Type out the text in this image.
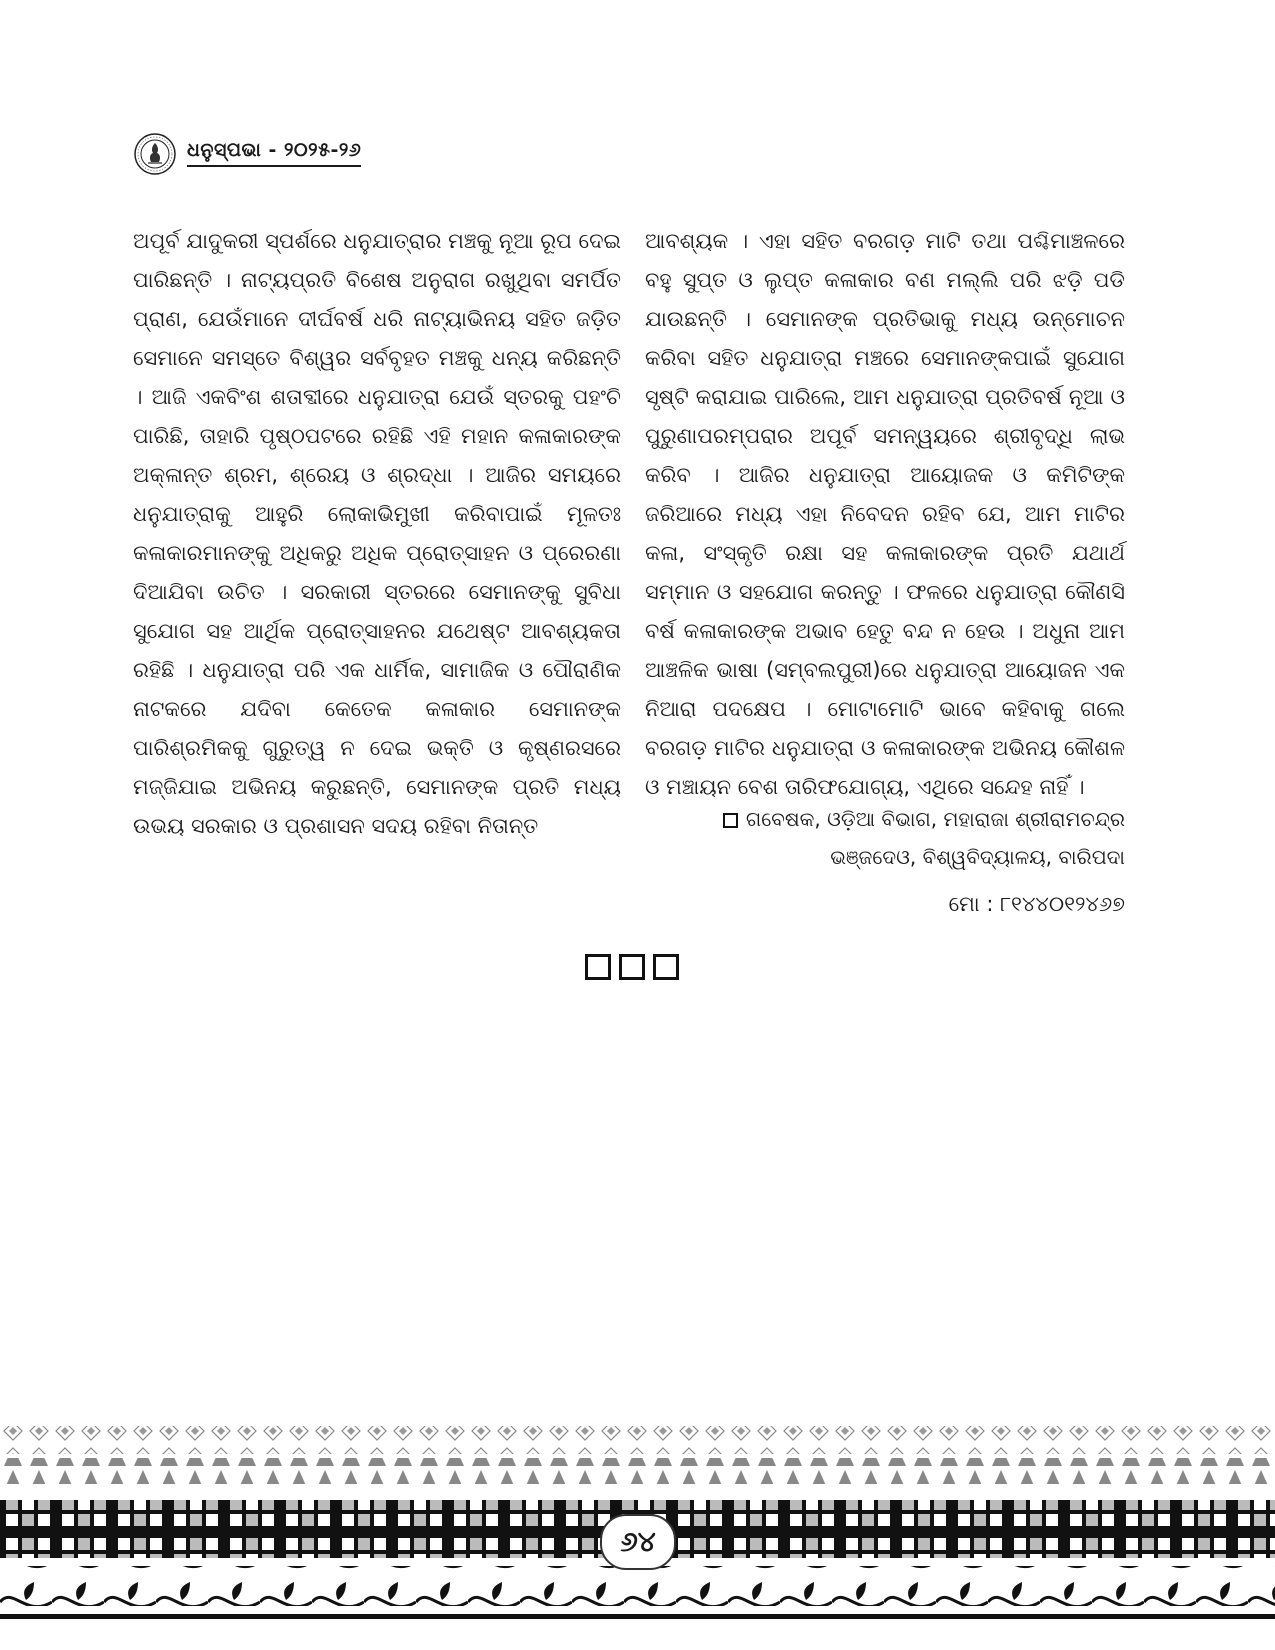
ଧନୁସ୍ପଭା - ୨୦୨୫-୨୬

ଅପୂର୍ବ ଯାଦୁକରୀ ସ୍ପର୍ଶରେ ଧନୁଯାତ୍ରାର ମଞ୍ଚକୁ ନୂଆ ରୂପ ଦେଇ ପାରିଛନ୍ତି । ନାଟ୍ୟପ୍ରତି ବିଶେଷ ଅନୁରାଗ ରଖୁଥିବା ସମର୍ପିତ ପ୍ରାଣ, ଯେଉଁମାନେ ଦୀର୍ଘବର୍ଷ ଧରି ନାଟ୍ୟାଭିନୟ ସହିତ ଜଡ଼ିତ ସେମାନେ ସମସ୍ତେ ବିଶ୍ୱର ସର୍ବବୃହତ ମଞ୍ଚକୁ ଧନ୍ୟ କରିଛନ୍ତି । ଆଜି ଏକବିଂଶ ଶତାବ୍ଦୀରେ ଧନୁଯାତ୍ରା ଯେଉଁ ସ୍ତରକୁ ପହଂଚି ପାରିଛି, ତାହାରି ପୃଷ୍ଠପଟରେ ରହିଛି ଏହି ମହାନ କଳାକାରଙ୍କ ଅକ୍ଳାନ୍ତ ଶ୍ରମ, ଶ୍ରେୟ ଓ ଶ୍ରଦ୍ଧା । ଆଜିର ସମୟରେ ଧନୁଯାତ୍ରାକୁ ଆହୁରି ଲୋକାଭିମୁଖୀ କରିବାପାଇଁ ମୂଳତଃ କଳାକାରମାନଙ୍କୁ ଅଧିକରୁ ଅଧିକ ପ୍ରୋତ୍ସାହନ ଓ ପ୍ରେରଣା ଦିଆଯିବା ଉଚିତ । ସରକାରୀ ସ୍ତରରେ ସେମାନଙ୍କୁ ସୁବିଧା ସୁଯୋଗ ସହ ଆର୍ଥିକ ପ୍ରୋତ୍ସାହନର ଯଥେଷ୍ଟ ଆବଶ୍ୟକତା ରହିଛି । ଧନୁଯାତ୍ରା ପରି ଏକ ଧାର୍ମିକ, ସାମାଜିକ ଓ ପୌରାଣିକ ନାଟକରେ ଯଦିବା କେତେକ କଳାକାର ସେମାନଙ୍କ ପାରିଶ୍ରମିକକୁ ଗୁରୁତ୍ୱ ନ ଦେଇ ଭକ୍ତି ଓ କୃଷ୍ଣରସରେ ମଜ୍ଜିଯାଇ ଅଭିନୟ କରୁଛନ୍ତି, ସେମାନଙ୍କ ପ୍ରତି ମଧ୍ୟ ଉଭୟ ସରକାର ଓ ପ୍ରଶାସନ ସଦୟ ରହିବା ନିତାନ୍ତ

ଆବଶ୍ୟକ । ଏହା ସହିତ ବରଗଡ଼ ମାଟି ତଥା ପଶ୍ଚିମାଞ୍ଚଳରେ ବହୁ ସୁପ୍ତ ଓ ଲୁପ୍ତ କଳାକାର ବଣ ମଲ୍ଲି ପରି ଝଡ଼ି ପଡି ଯାଉଛନ୍ତି । ସେମାନଙ୍କ ପ୍ରତିଭାକୁ ମଧ୍ୟ ଉନ୍ମୋଚନ କରିବା ସହିତ ଧନୁଯାତ୍ରା ମଞ୍ଚରେ ସେମାନଙ୍କପାଇଁ ସୁଯୋଗ ସୃଷ୍ଟି କରାଯାଇ ପାରିଲେ, ଆମ ଧନୁଯାତ୍ରା ପ୍ରତିବର୍ଷ ନୂଆ ଓ ପୁରୁଣାପରମ୍ପରାର ଅପୂର୍ବ ସମନ୍ୱୟରେ ଶ୍ରୀବୃଦ୍ଧି ଲାଭ କରିବ । ଆଜିର ଧନୁଯାତ୍ରା ଆୟୋଜକ ଓ କମିଟିଙ୍କ ଜରିଆରେ ମଧ୍ୟ ଏହା ନିବେଦନ ରହିବ ଯେ, ଆମ ମାଟିର କଳା, ସଂସ୍କୃତି ରକ୍ଷା ସହ କଳାକାରଙ୍କ ପ୍ରତି ଯଥାର୍ଥ ସମ୍ମାନ ଓ ସହଯୋଗ କରନ୍ତୁ । ଫଳରେ ଧନୁଯାତ୍ରା କୌଣସି ବର୍ଷ କଳାକାରଙ୍କ ଅଭାବ ହେତୁ ବନ୍ଦ ନ ହେଉ । ଅଧୁନା ଆମ ଆଞ୍ଚଳିକ ଭାଷା (ସମ୍ବଲପୁରୀ)ରେ ଧନୁଯାତ୍ରା ଆୟୋଜନ ଏକ ନିଆରା ପଦକ୍ଷେପ । ମୋଟାମୋଟି ଭାବେ କହିବାକୁ ଗଲେ ବରଗଡ଼ ମାଟିର ଧନୁଯାତ୍ରା ଓ କଳାକାରଙ୍କ ଅଭିନୟ କୌଶଳ ଓ ମଞ୍ଚାୟନ ବେଶ ତାରିଫଯୋଗ୍ୟ, ଏଥିରେ ସନ୍ଦେହ ନାହିଁ ।

ଗବେଷକ, ଓଡ଼ିଆ ବିଭାଗ, ମହାରାଜା ଶ୍ରୀରାମଚନ୍ଦ୍ର
ଭଞ୍ଜଦେଓ, ବିଶ୍ୱବିଦ୍ୟାଳୟ, ବାରିପଦା
ମୋ : ୮୧୪୪୦୧୨୪୬୭
୬୪
